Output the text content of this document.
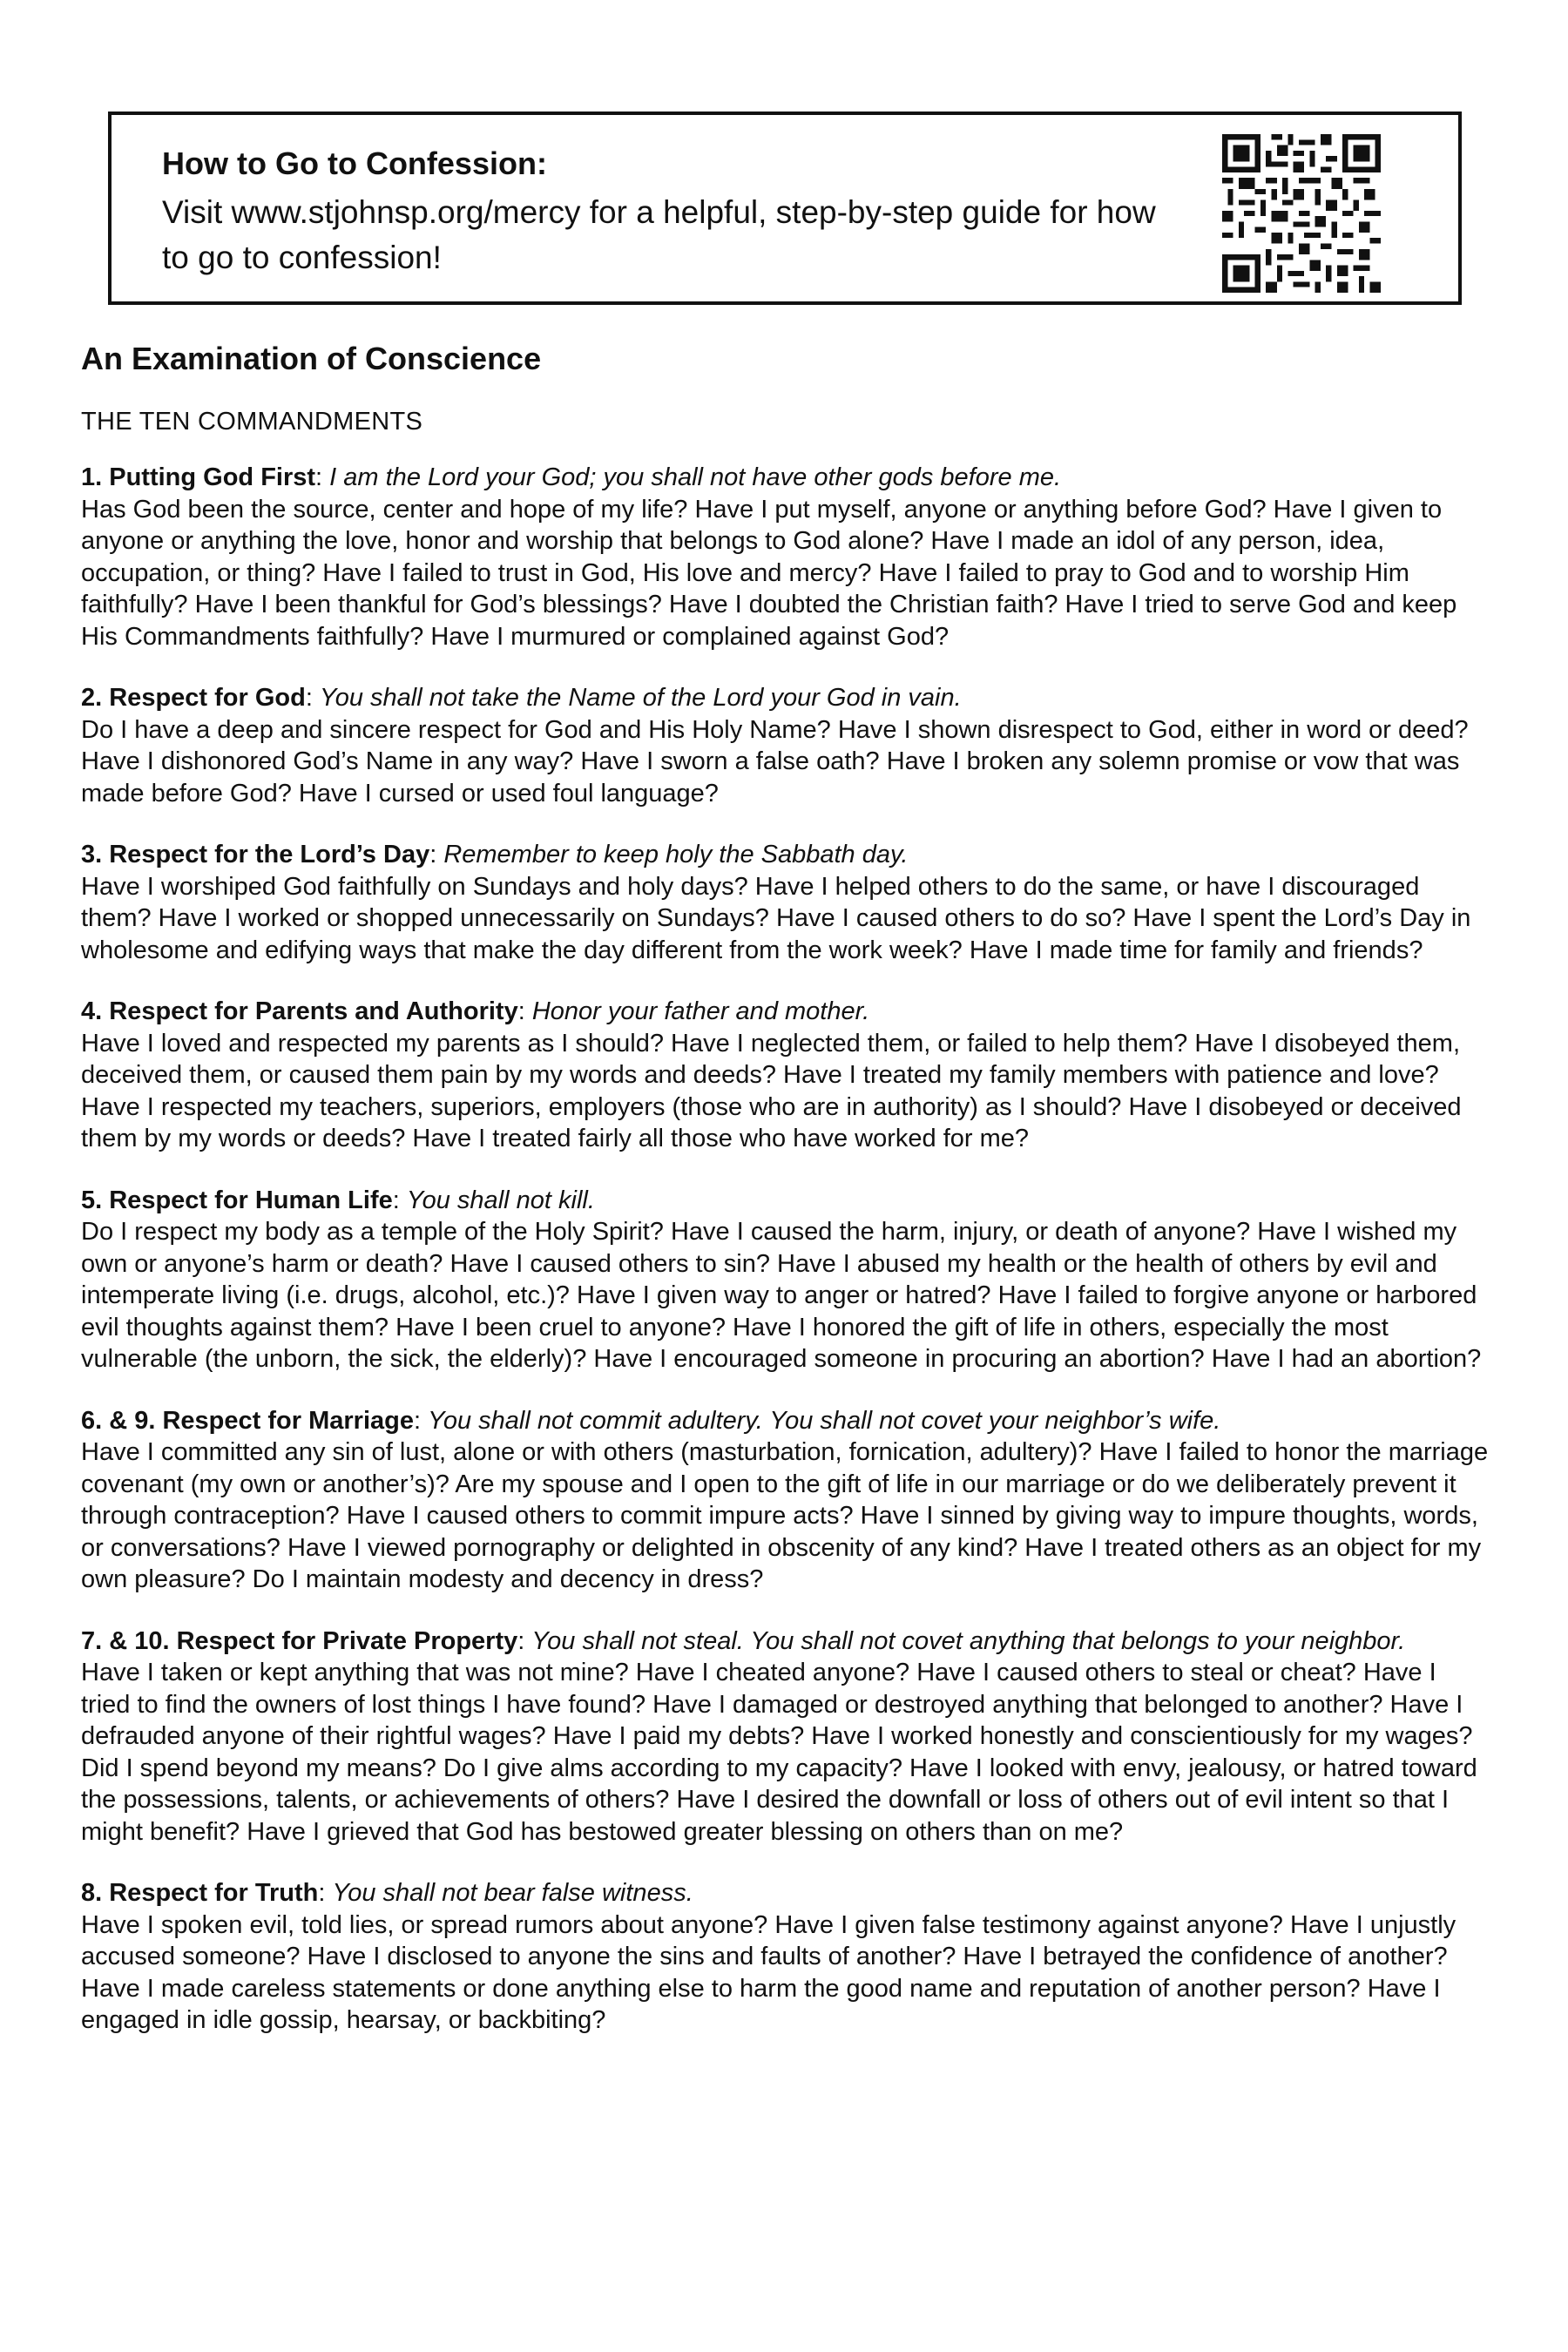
How to Go to Confession:

Visit www.stjohnsp.org/mercy for a helpful, step-by-step guide for how to go to confession!

An Examination of Conscience
THE TEN COMMANDMENTS

1. Putting God First: I am the Lord your God; you shall not have other gods before me.

Has God been the source, center and hope of my life? Have I put myself, anyone or anything before God? Have I given to anyone or anything the love, honor and worship that belongs to God alone? Have I made an idol of any person, idea, occupation, or thing? Have I failed to trust in God, His love and mercy? Have I failed to pray to God and to worship Him faithfully? Have I been thankful for God’s blessings? Have I doubted the Christian faith? Have I tried to serve God and keep His Commandments faithfully? Have I murmured or complained against God?

2. Respect for God: You shall not take the Name of the Lord your God in vain.

Do I have a deep and sincere respect for God and His Holy Name? Have I shown disrespect to God, either in word or deed? Have I dishonored God’s Name in any way? Have I sworn a false oath? Have I broken any solemn promise or vow that was made before God? Have I cursed or used foul language?

3. Respect for the Lord’s Day: Remember to keep holy the Sabbath day.

Have I worshiped God faithfully on Sundays and holy days? Have I helped others to do the same, or have I discouraged them? Have I worked or shopped unnecessarily on Sundays? Have I caused others to do so? Have I spent the Lord’s Day in wholesome and edifying ways that make the day different from the work week? Have I made time for family and friends?

4. Respect for Parents and Authority: Honor your father and mother.

Have I loved and respected my parents as I should? Have I neglected them, or failed to help them? Have I disobeyed them, deceived them, or caused them pain by my words and deeds? Have I treated my family members with patience and love? Have I respected my teachers, superiors, employers (those who are in authority) as I should? Have I disobeyed or deceived them by my words or deeds? Have I treated fairly all those who have worked for me?

5. Respect for Human Life: You shall not kill.

Do I respect my body as a temple of the Holy Spirit? Have I caused the harm, injury, or death of anyone? Have I wished my own or anyone’s harm or death? Have I caused others to sin? Have I abused my health or the health of others by evil and intemperate living (i.e. drugs, alcohol, etc.)? Have I given way to anger or hatred? Have I failed to forgive anyone or harbored evil thoughts against them? Have I been cruel to anyone? Have I honored the gift of life in others, especially the most vulnerable (the unborn, the sick, the elderly)? Have I encouraged someone in procuring an abortion? Have I had an abortion?

6. & 9. Respect for Marriage: You shall not commit adultery. You shall not covet your neighbor’s wife.

Have I committed any sin of lust, alone or with others (masturbation, fornication, adultery)? Have I failed to honor the marriage covenant (my own or another’s)? Are my spouse and I open to the gift of life in our marriage or do we deliberately prevent it through contraception? Have I caused others to commit impure acts? Have I sinned by giving way to impure thoughts, words, or conversations? Have I viewed pornography or delighted in obscenity of any kind? Have I treated others as an object for my own pleasure? Do I maintain modesty and decency in dress?

7. & 10. Respect for Private Property: You shall not steal. You shall not covet anything that belongs to your neighbor.

Have I taken or kept anything that was not mine? Have I cheated anyone? Have I caused others to steal or cheat? Have I tried to find the owners of lost things I have found? Have I damaged or destroyed anything that belonged to another? Have I defrauded anyone of their rightful wages? Have I paid my debts? Have I worked honestly and conscientiously for my wages? Did I spend beyond my means? Do I give alms according to my capacity? Have I looked with envy, jealousy, or hatred toward the possessions, talents, or achievements of others? Have I desired the downfall or loss of others out of evil intent so that I might benefit? Have I grieved that God has bestowed greater blessing on others than on me?

8. Respect for Truth: You shall not bear false witness.

Have I spoken evil, told lies, or spread rumors about anyone? Have I given false testimony against anyone? Have I unjustly accused someone? Have I disclosed to anyone the sins and faults of another? Have I betrayed the confidence of another? Have I made careless statements or done anything else to harm the good name and reputation of another person? Have I engaged in idle gossip, hearsay, or backbiting?
